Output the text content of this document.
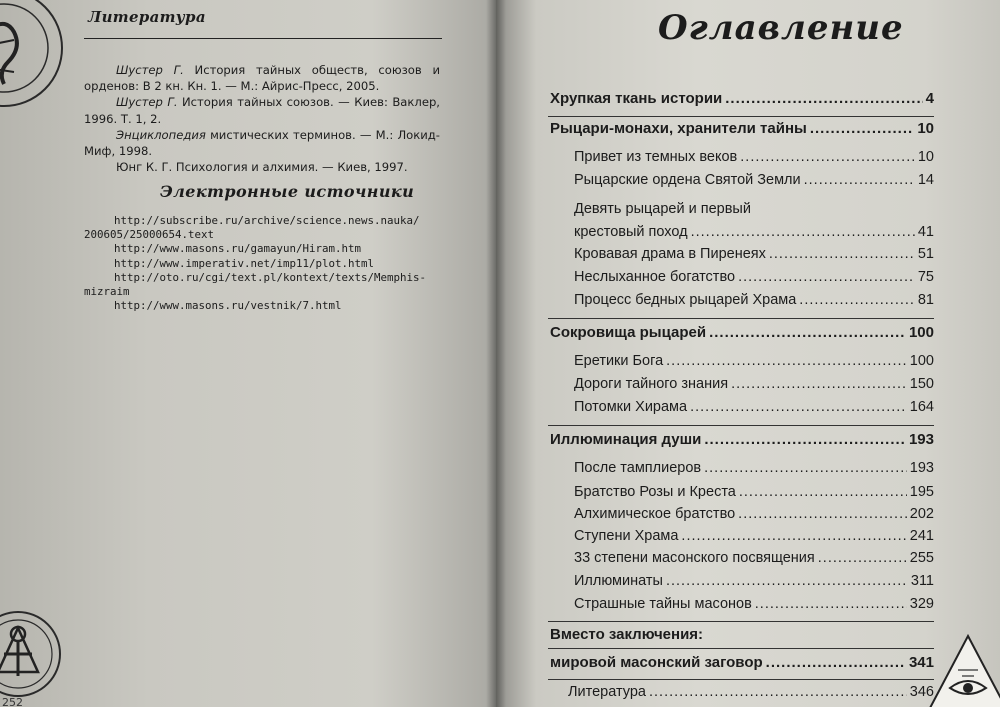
Литература

Шустер Г. История тайных обществ, союзов и орденов: В 2 кн. Кн. 1. — М.: Айрис-Пресс, 2005.

Шустер Г. История тайных союзов. — Киев: Ваклер, 1996. Т. 1, 2.

Энциклопедия мистических терминов. — М.: Локид-Миф, 1998.

Юнг К. Г. Психология и алхимия. — Киев, 1997.

Электронные источники
http://subscribe.ru/archive/science.news.nauka/
200605/25000654.text
http://www.masons.ru/gamayun/Hiram.htm
http://www.imperativ.net/imp11/plot.html
http://oto.ru/cgi/text.pl/kontext/texts/Memphis-
mizraim
http://www.masons.ru/vestnik/7.html
252
Оглавление
Хрупкая ткань истории .....	4
Рыцари-монахи, хранители тайны .....	10
Привет из темных веков .....	10
Рыцарские ордена Святой Земли .....	14
Девять рыцарей и первый
крестовый поход .....	41
Кровавая драма в Пиренеях .....	51
Неслыханное богатство .....	75
Процесс бедных рыцарей Храма .....	81
Сокровища рыцарей .....	100
Еретики Бога .....	100
Дороги тайного знания .....	150
Потомки Хирама .....	164
Иллюминация души .....	193
После тамплиеров .....	193
Братство Розы и Креста .....	195
Алхимическое братство .....	202
Ступени Храма .....	241
33 степени масонского посвящения .....	255
Иллюминаты .....	311
Страшные тайны масонов .....	329
Вместо заключения:
мировой масонский заговор .....	341
Литература .....	346
